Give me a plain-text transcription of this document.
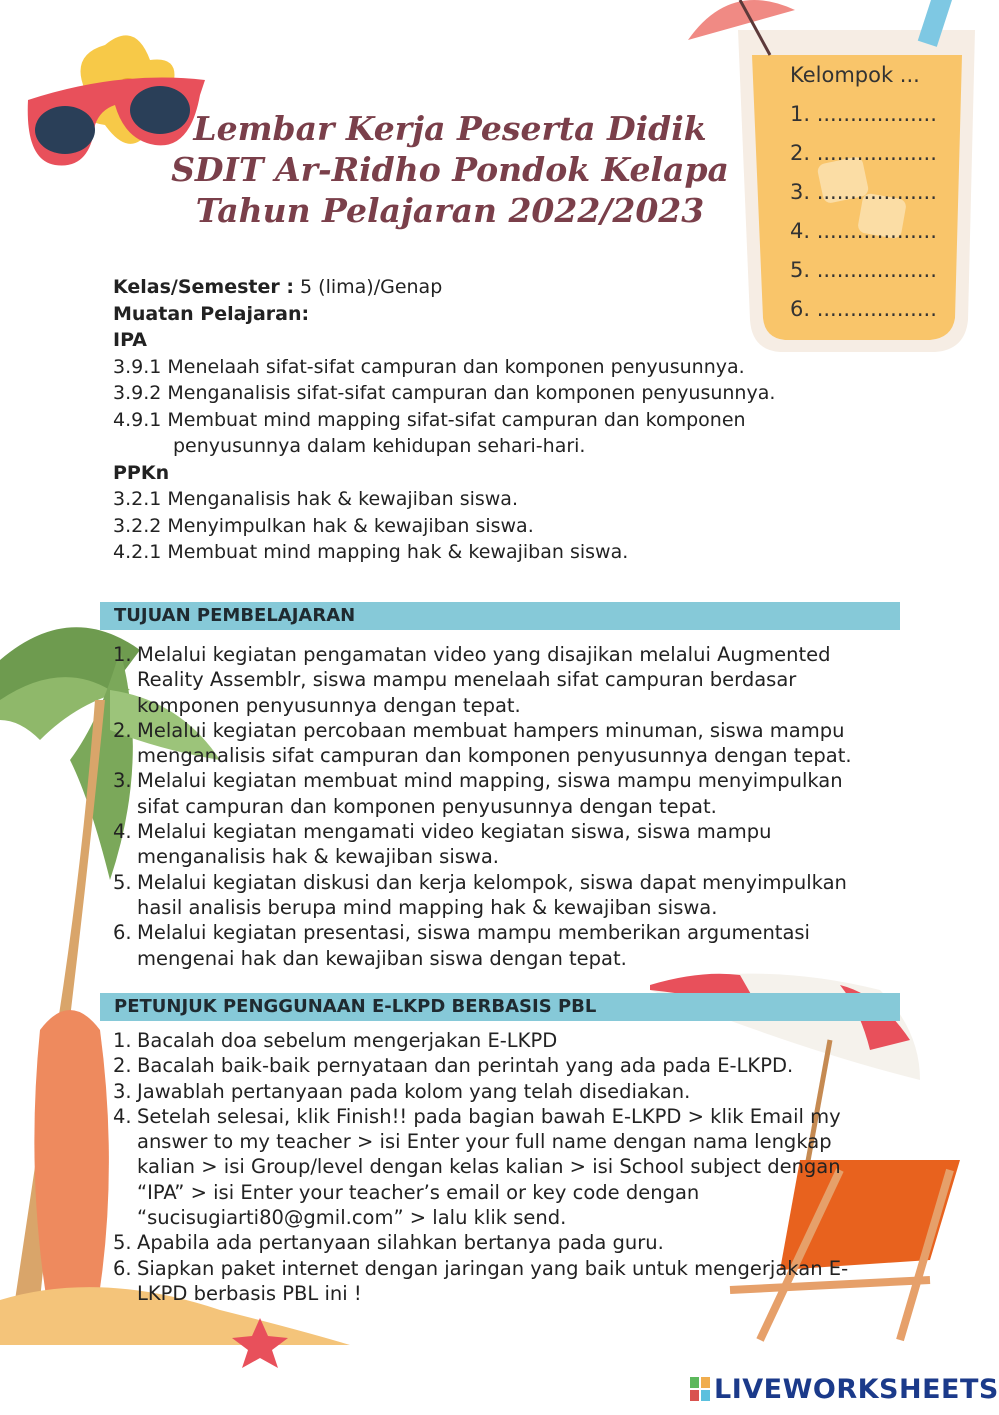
Lembar Kerja Peserta Didik
SDIT Ar-Ridho Pondok Kelapa
Tahun Pelajaran 2022/2023
Kelompok ...
1. ..................
2. ..................
3. ..................
4. ..................
5. ..................
6. ..................
Kelas/Semester : 5 (lima)/Genap
Muatan Pelajaran:
IPA
3.9.1 Menelaah sifat-sifat campuran dan komponen penyusunnya.
3.9.2 Menganalisis sifat-sifat campuran dan komponen penyusunnya.
4.9.1 Membuat mind mapping sifat-sifat campuran dan komponen
penyusunnya dalam kehidupan sehari-hari.
PPKn
3.2.1 Menganalisis hak & kewajiban siswa.
3.2.2 Menyimpulkan hak & kewajiban siswa.
4.2.1 Membuat mind mapping hak & kewajiban siswa.
TUJUAN PEMBELAJARAN
1. Melalui kegiatan pengamatan video yang disajikan melalui Augmented
Reality Assemblr, siswa mampu menelaah sifat campuran berdasar
komponen penyusunnya dengan tepat.
2. Melalui kegiatan percobaan membuat hampers minuman, siswa mampu
menganalisis sifat campuran dan komponen penyusunnya dengan tepat.
3. Melalui kegiatan membuat mind mapping, siswa mampu menyimpulkan
sifat campuran dan komponen penyusunnya dengan tepat.
4. Melalui kegiatan mengamati video kegiatan siswa, siswa mampu
menganalisis hak & kewajiban siswa.
5. Melalui kegiatan diskusi dan kerja kelompok, siswa dapat menyimpulkan
hasil analisis berupa mind mapping hak & kewajiban siswa.
6. Melalui kegiatan presentasi, siswa mampu memberikan argumentasi
mengenai hak dan kewajiban siswa dengan tepat.
PETUNJUK PENGGUNAAN E-LKPD BERBASIS PBL
1. Bacalah doa sebelum mengerjakan E-LKPD
2. Bacalah baik-baik pernyataan dan perintah yang ada pada E-LKPD.
3. Jawablah pertanyaan pada kolom yang telah disediakan.
4. Setelah selesai, klik Finish!! pada bagian bawah E-LKPD > klik Email my
answer to my teacher > isi Enter your full name dengan nama lengkap
kalian > isi Group/level dengan kelas kalian > isi School subject dengan
“IPA” > isi Enter your teacher’s email or key code dengan
“sucisugiarti80@gmil.com” > lalu klik send.
5. Apabila ada pertanyaan silahkan bertanya pada guru.
6. Siapkan paket internet dengan jaringan yang baik untuk mengerjakan E-
LKPD berbasis PBL ini !
LIVEWORKSHEETS
